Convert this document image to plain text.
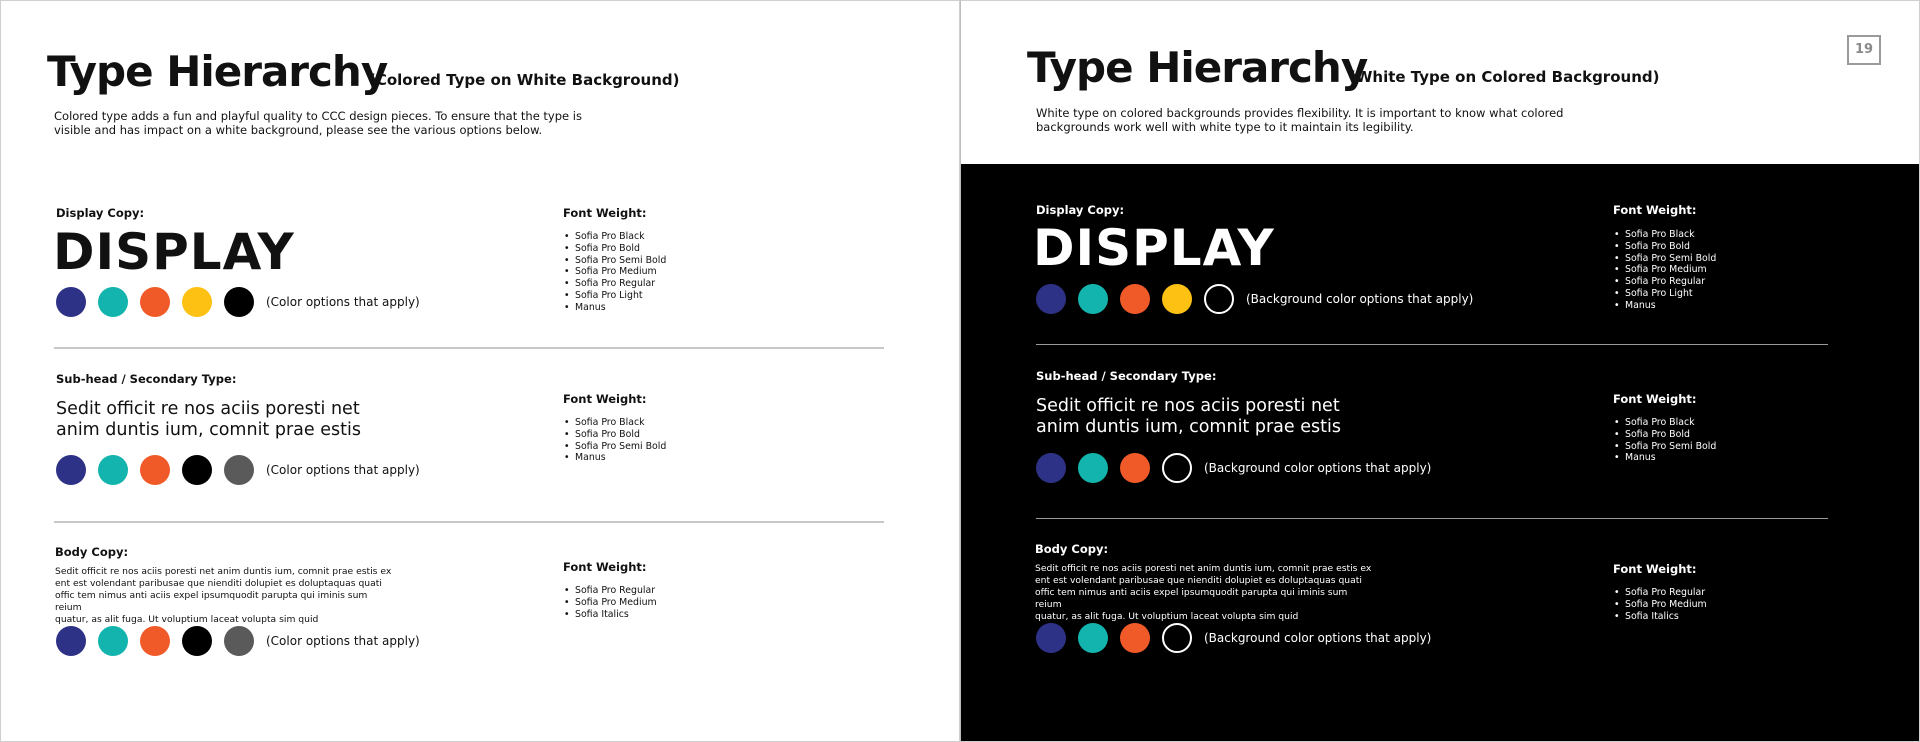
Type Hierarchy
(Colored Type on White Background)
Colored type adds a fun and playful quality to CCC design pieces. To ensure that the type is
visible and has impact on a white background, please see the various options below.
Display Copy:
DISPLAY
(Color options that apply)
Font Weight:
• Sofia Pro Black
• Sofia Pro Bold
• Sofia Pro Semi Bold
• Sofia Pro Medium
• Sofia Pro Regular
• Sofia Pro Light
• Manus
Sub-head / Secondary Type:
Sedit officit re nos aciis poresti net
anim duntis ium, comnit prae estis
(Color options that apply)
Font Weight:
• Sofia Pro Black
• Sofia Pro Bold
• Sofia Pro Semi Bold
• Manus
Body Copy:
Sedit officit re nos aciis poresti net anim duntis ium, comnit prae estis ex
ent est volendant paribusae que nienditi dolupiet es doluptaquas quati
offic tem nimus anti aciis expel ipsumquodit parupta qui iminis sum reium
quatur, as alit fuga. Ut voluptium laceat volupta sim quid
(Color options that apply)
Font Weight:
• Sofia Pro Regular
• Sofia Pro Medium
• Sofia Italics
Type Hierarchy
(White Type on Colored Background)
19
White type on colored backgrounds provides flexibility. It is important to know what colored
backgrounds work well with white type to it maintain its legibility.
Display Copy:
DISPLAY
(Background color options that apply)
Font Weight:
• Sofia Pro Black
• Sofia Pro Bold
• Sofia Pro Semi Bold
• Sofia Pro Medium
• Sofia Pro Regular
• Sofia Pro Light
• Manus
Sub-head / Secondary Type:
Sedit officit re nos aciis poresti net
anim duntis ium, comnit prae estis
(Background color options that apply)
Font Weight:
• Sofia Pro Black
• Sofia Pro Bold
• Sofia Pro Semi Bold
• Manus
Body Copy:
Sedit officit re nos aciis poresti net anim duntis ium, comnit prae estis ex
ent est volendant paribusae que nienditi dolupiet es doluptaquas quati
offic tem nimus anti aciis expel ipsumquodit parupta qui iminis sum reium
quatur, as alit fuga. Ut voluptium laceat volupta sim quid
(Background color options that apply)
Font Weight:
• Sofia Pro Regular
• Sofia Pro Medium
• Sofia Italics
